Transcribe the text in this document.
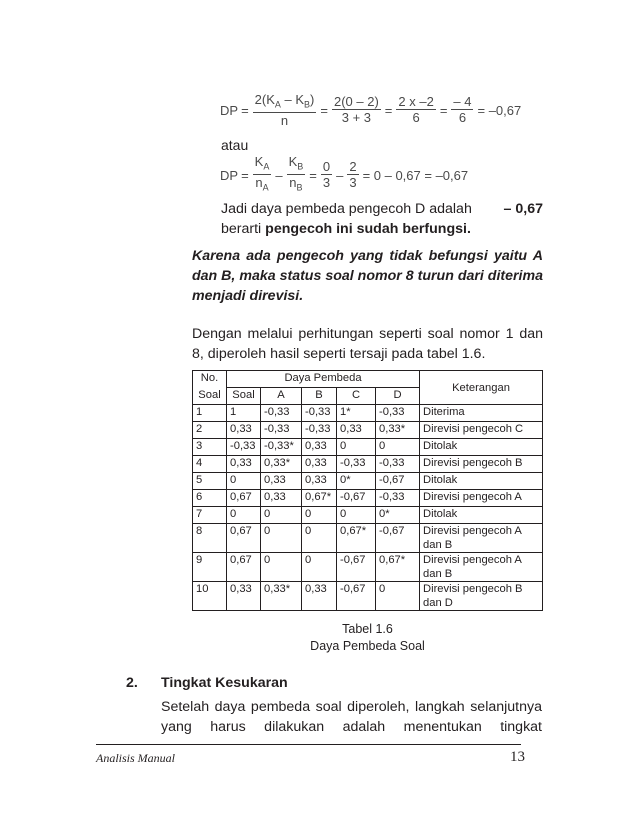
DP = $\frac{2(K_A - K_B)}{n} = \frac{2(0 - 2)}{3 + 3} = \frac{2 x -2}{6} = \frac{- 4}{6} = -0,67$
atau
DP = $\frac{K_A}{n_A} - \frac{K_B}{n_B} = \frac{0}{3} - \frac{2}{3} = 0 - 0,67 = -0,67$
Jadi daya pembeda pengecoh D adalah – 0,67
berarti pengecoh ini sudah berfungsi.
Karena ada pengecoh yang tidak befungsi yaitu A dan B, maka status soal nomor 8 turun dari diterima menjadi direvisi.
Dengan melalui perhitungan seperti soal nomor 1 dan 8, diperoleh hasil seperti tersaji pada tabel 1.6.
No.	Daya Pembeda					Keterangan
Soal	Soal	A	B	C	D	
1	1	-0,33	-0,33	1*	-0,33	Diterima
2	0,33	-0,33	-0,33	0,33	0,33*	Direvisi pengecoh C
3	-0,33	-0,33*	0,33	0	0	Ditolak
4	0,33	0,33*	0,33	-0,33	-0,33	Direvisi pengecoh B
5	0	0,33	0,33	0*	-0,67	Ditolak
6	0,67	0,33	0,67*	-0,67	-0,33	Direvisi pengecoh A
7	0	0	0	0	0*	Ditolak
8	0,67	0	0	0,67*	-0,67	Direvisi pengecoh A dan B
9	0,67	0	0	-0,67	0,67*	Direvisi pengecoh A dan B
10	0,33	0,33*	0,33	-0,67	0	Direvisi pengecoh B dan D
Tabel 1.6
Daya Pembeda Soal
2. Tingkat Kesukaran
Setelah daya pembeda soal diperoleh, langkah selanjutnya yang harus dilakukan adalah menentukan tingkat
Analisis Manual	13
